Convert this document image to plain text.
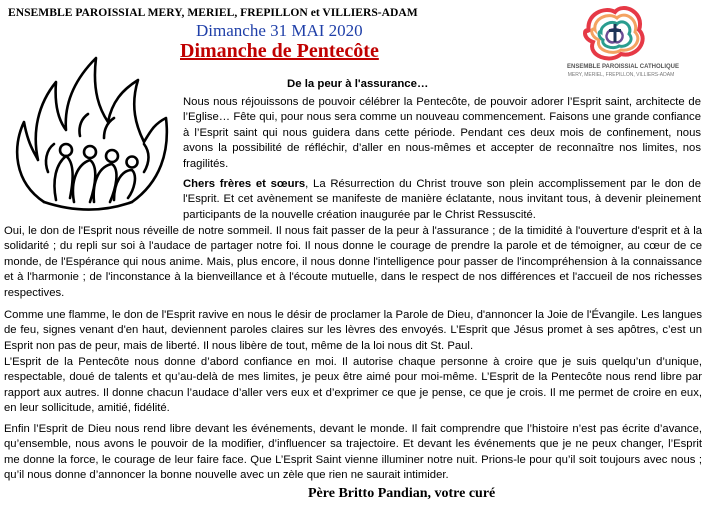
ENSEMBLE PAROISSIAL MERY, MERIEL, FREPILLON et VILLIERS-ADAM
Dimanche 31 MAI 2020
Dimanche de Pentecôte
De la peur à l'assurance…
ENSEMBLE PAROISSIAL CATHOLIQUE
MERY, MERIEL, FREPILLON, VILLIERS-ADAM
Nous nous réjouissons de pouvoir célébrer la Pentecôte, de pouvoir adorer l’Esprit saint, architecte de l’Eglise… Fête qui, pour nous sera comme un nouveau commencement. Faisons une grande confiance à l’Esprit saint qui nous guidera dans cette période. Pendant ces deux mois de confinement, nous avons la possibilité de réfléchir, d’aller en nous-mêmes et accepter de reconnaître nos limites, nos fragilités.
Chers frères et sœurs, La Résurrection du Christ trouve son plein accomplissement par le don de l'Esprit. Et cet avènement se manifeste de manière éclatante, nous invitant tous, à devenir pleinement participants de la nouvelle création inaugurée par le Christ Ressuscité.
Oui, le don de l'Esprit nous réveille de notre sommeil. Il nous fait passer de la peur à l'assurance ; de la timidité à l'ouverture d'esprit et à la solidarité ; du repli sur soi à l'audace de partager notre foi. Il nous donne le courage de prendre la parole et de témoigner, au cœur de ce monde, de l'Espérance qui nous anime. Mais, plus encore, il nous donne l'intelligence pour passer de l'incompréhension à la connaissance et à l'harmonie ; de l'inconstance à la bienveillance et à l'écoute mutuelle, dans le respect de nos différences et l'accueil de nos richesses respectives.
Comme une flamme, le don de l'Esprit ravive en nous le désir de proclamer la Parole de Dieu, d'annoncer la Joie de l'Évangile. Les langues de feu, signes venant d'en haut, deviennent paroles claires sur les lèvres des envoyés. L’Esprit que Jésus promet à ses apôtres, c’est un Esprit non pas de peur, mais de liberté. Il nous libère de tout, même de la loi nous dit St. Paul.
L’Esprit de la Pentecôte nous donne d’abord confiance en moi. Il autorise chaque personne à croire que je suis quelqu’un d’unique, respectable, doué de talents et qu’au-delà de mes limites, je peux être aimé pour moi-même. L’Esprit de la Pentecôte nous rend libre par rapport aux autres. Il donne chacun l’audace d’aller vers eux et d’exprimer ce que je pense, ce que je crois. Il me permet de croire en eux, en leur sollicitude, amitié, fidélité.
Enfin l’Esprit de Dieu nous rend libre devant les événements, devant le monde. Il fait comprendre que l’histoire n’est pas écrite d’avance, qu’ensemble, nous avons le pouvoir de la modifier, d’influencer sa trajectoire. Et devant les événements que je ne peux changer, l’Esprit me donne la force, le courage de leur faire face. Que L’Esprit Saint vienne illuminer notre nuit. Prions-le pour qu’il soit toujours avec nous ; qu’il nous donne d’annoncer la bonne nouvelle avec un zèle que rien ne saurait intimider.
Père Britto Pandian, votre curé
